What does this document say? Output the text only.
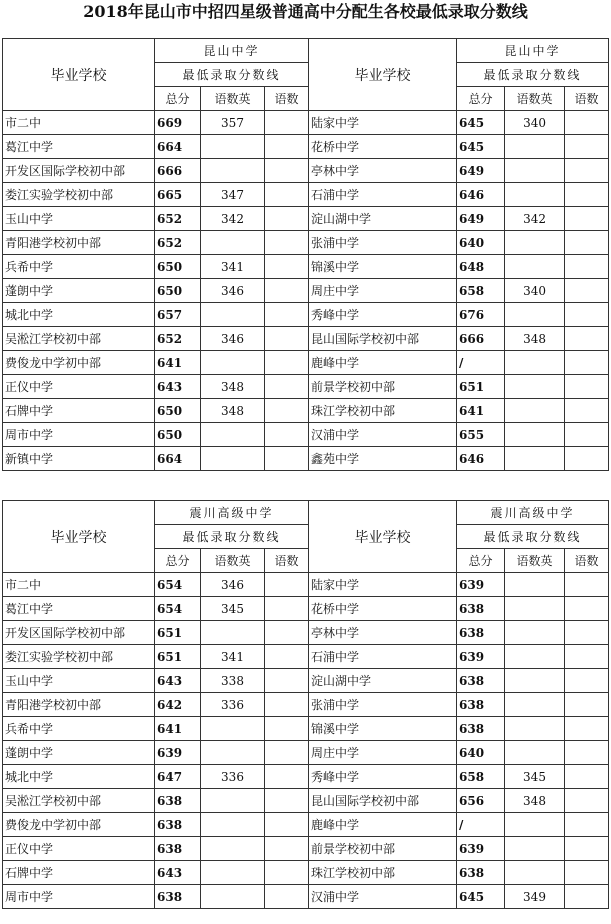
2018年昆山市中招四星级普通高中分配生各校最低录取分数线
毕业学校	昆山中学			毕业学校	昆山中学		
	最低录取分数线				最低录取分数线		
	总分	语数英	语数		总分	语数英	语数
市二中	669	357		陆家中学	645	340	
葛江中学	664			花桥中学	645		
开发区国际学校初中部	666			亭林中学	649		
娄江实验学校初中部	665	347		石浦中学	646		
玉山中学	652	342		淀山湖中学	649	342	
青阳港学校初中部	652			张浦中学	640		
兵希中学	650	341		锦溪中学	648		
蓬朗中学	650	346		周庄中学	658	340	
城北中学	657			秀峰中学	676		
吴淞江学校初中部	652	346		昆山国际学校初中部	666	348	
费俊龙中学初中部	641			鹿峰中学	/		
正仪中学	643	348		前景学校初中部	651		
石牌中学	650	348		珠江学校初中部	641		
周市中学	650			汉浦中学	655		
新镇中学	664			鑫苑中学	646		
毕业学校	震川高级中学			毕业学校	震川高级中学		
	最低录取分数线				最低录取分数线		
	总分	语数英	语数		总分	语数英	语数
市二中	654	346		陆家中学	639		
葛江中学	654	345		花桥中学	638		
开发区国际学校初中部	651			亭林中学	638		
娄江实验学校初中部	651	341		石浦中学	639		
玉山中学	643	338		淀山湖中学	638		
青阳港学校初中部	642	336		张浦中学	638		
兵希中学	641			锦溪中学	638		
蓬朗中学	639			周庄中学	640		
城北中学	647	336		秀峰中学	658	345	
吴淞江学校初中部	638			昆山国际学校初中部	656	348	
费俊龙中学初中部	638			鹿峰中学	/		
正仪中学	638			前景学校初中部	639		
石牌中学	643			珠江学校初中部	638		
周市中学	638			汉浦中学	645	349	
